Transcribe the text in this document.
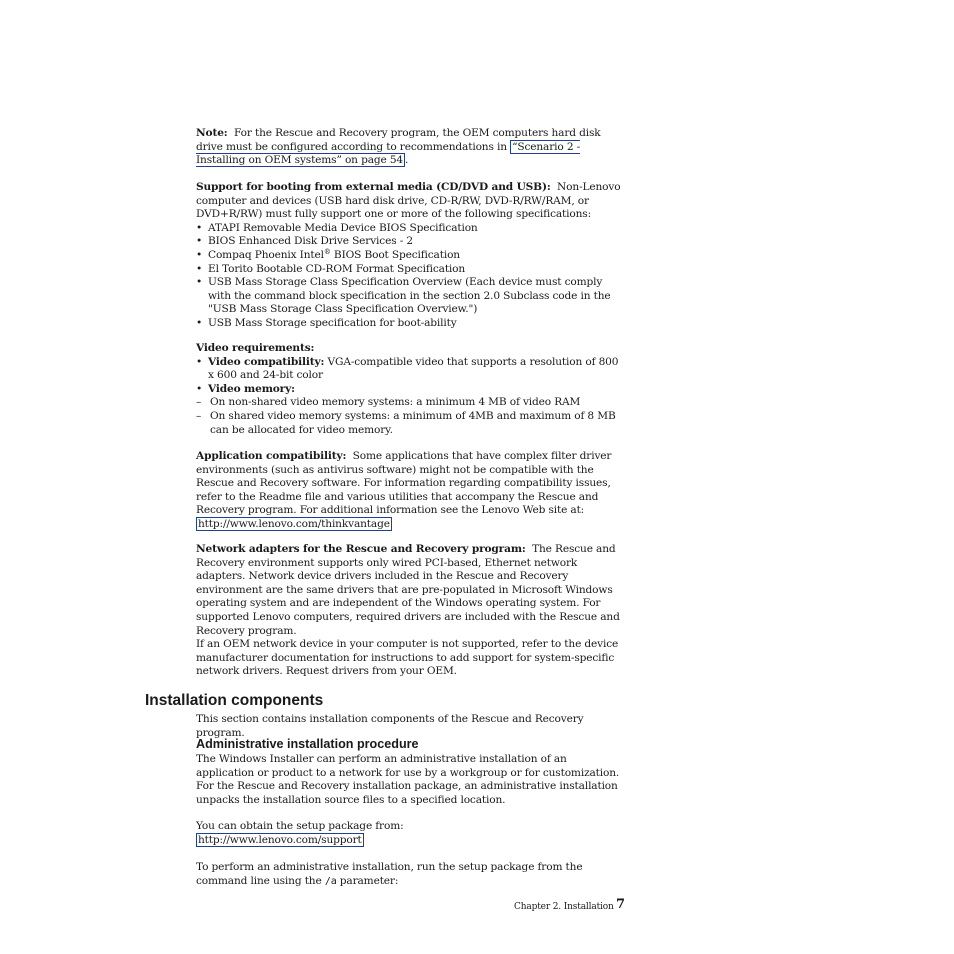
Note: For the Rescue and Recovery program, the OEM computers hard disk drive must be configured according to recommendations in “Scenario 2 - Installing on OEM systems” on page 54 .

Support for booting from external media (CD/DVD and USB): Non-Lenovo computer and devices (USB hard disk drive, CD-R/RW, DVD-R/RW/RAM, or DVD+R/RW) must fully support one or more of the following specifications:

• ATAPI Removable Media Device BIOS Specification
• BIOS Enhanced Disk Drive Services - 2
• Compaq Phoenix Intel® BIOS Boot Specification
• El Torito Bootable CD-ROM Format Specification
• USB Mass Storage Class Specification Overview (Each device must comply with the command block specification in the section 2.0 Subclass code in the "USB Mass Storage Class Specification Overview.")
• USB Mass Storage specification for boot-ability

Video requirements:

• Video compatibility: VGA-compatible video that supports a resolution of 800 x 600 and 24-bit color
• Video memory:
– On non-shared video memory systems: a minimum 4 MB of video RAM
– On shared video memory systems: a minimum of 4MB and maximum of 8 MB can be allocated for video memory.

Application compatibility: Some applications that have complex filter driver environments (such as antivirus software) might not be compatible with the Rescue and Recovery software. For information regarding compatibility issues, refer to the Readme file and various utilities that accompany the Rescue and Recovery program. For additional information see the Lenovo Web site at:
http://www.lenovo.com/thinkvantage

Network adapters for the Rescue and Recovery program: The Rescue and Recovery environment supports only wired PCI-based, Ethernet network adapters. Network device drivers included in the Rescue and Recovery environment are the same drivers that are pre-populated in Microsoft Windows operating system and are independent of the Windows operating system. For supported Lenovo computers, required drivers are included with the Rescue and Recovery program.

If an OEM network device in your computer is not supported, refer to the device manufacturer documentation for instructions to add support for system-specific network drivers. Request drivers from your OEM.

Installation components

This section contains installation components of the Rescue and Recovery program.

Administrative installation procedure

The Windows Installer can perform an administrative installation of an application or product to a network for use by a workgroup or for customization. For the Rescue and Recovery installation package, an administrative installation unpacks the installation source files to a specified location.

You can obtain the setup package from:
http://www.lenovo.com/support

To perform an administrative installation, run the setup package from the command line using the /a parameter:

Chapter 2. Installation 7
